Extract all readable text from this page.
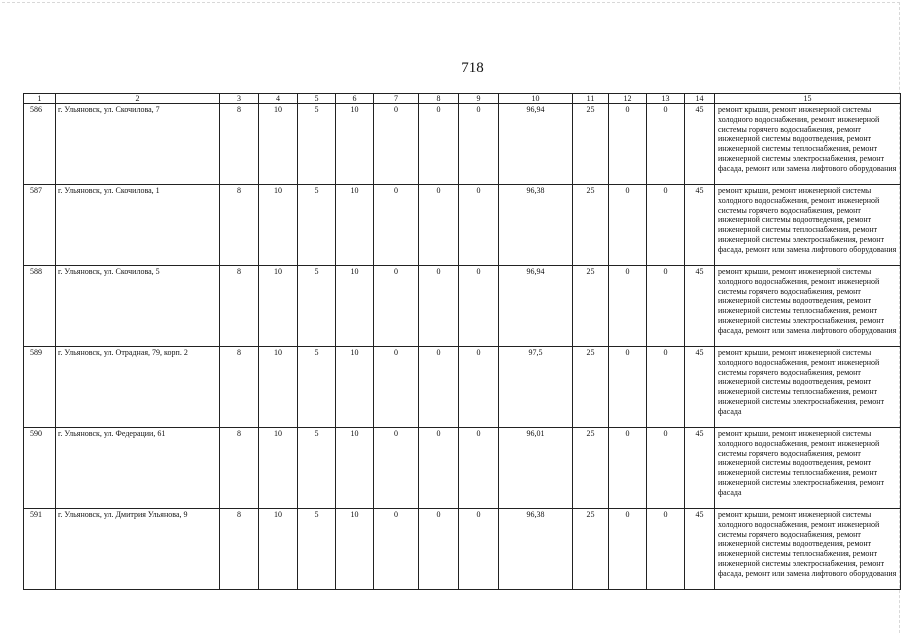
718
1	2	3	4	5	6	7	8	9	10	11	12	13	14	15
586	г. Ульяновск, ул. Скочилова, 7	8	10	5	10	0	0	0	96,94	25	0	0	45	ремонт крыши, ремонт инженерной системы холодного водоснабжения, ремонт инженерной системы горячего водоснабжения, ремонт инженерной системы водоотведения, ремонт инженерной системы теплоснабжения, ремонт инженерной системы электроснабжения, ремонт фасада, ремонт или замена лифтового оборудования
587	г. Ульяновск, ул. Скочилова, 1	8	10	5	10	0	0	0	96,38	25	0	0	45	ремонт крыши, ремонт инженерной системы холодного водоснабжения, ремонт инженерной системы горячего водоснабжения, ремонт инженерной системы водоотведения, ремонт инженерной системы теплоснабжения, ремонт инженерной системы электроснабжения, ремонт фасада, ремонт или замена лифтового оборудования
588	г. Ульяновск, ул. Скочилова, 5	8	10	5	10	0	0	0	96,94	25	0	0	45	ремонт крыши, ремонт инженерной системы холодного водоснабжения, ремонт инженерной системы горячего водоснабжения, ремонт инженерной системы водоотведения, ремонт инженерной системы теплоснабжения, ремонт инженерной системы электроснабжения, ремонт фасада, ремонт или замена лифтового оборудования
589	г. Ульяновск, ул. Отрадная, 79, корп. 2	8	10	5	10	0	0	0	97,5	25	0	0	45	ремонт крыши, ремонт инженерной системы холодного водоснабжения, ремонт инженерной системы горячего водоснабжения, ремонт инженерной системы водоотведения, ремонт инженерной системы теплоснабжения, ремонт инженерной системы электроснабжения, ремонт фасада
590	г. Ульяновск, ул. Федерации, 61	8	10	5	10	0	0	0	96,01	25	0	0	45	ремонт крыши, ремонт инженерной системы холодного водоснабжения, ремонт инженерной системы горячего водоснабжения, ремонт инженерной системы водоотведения, ремонт инженерной системы теплоснабжения, ремонт инженерной системы электроснабжения, ремонт фасада
591	г. Ульяновск, ул. Дмитрия Ульянова, 9	8	10	5	10	0	0	0	96,38	25	0	0	45	ремонт крыши, ремонт инженерной системы холодного водоснабжения, ремонт инженерной системы горячего водоснабжения, ремонт инженерной системы водоотведения, ремонт инженерной системы теплоснабжения, ремонт инженерной системы электроснабжения, ремонт фасада, ремонт или замена лифтового оборудования
